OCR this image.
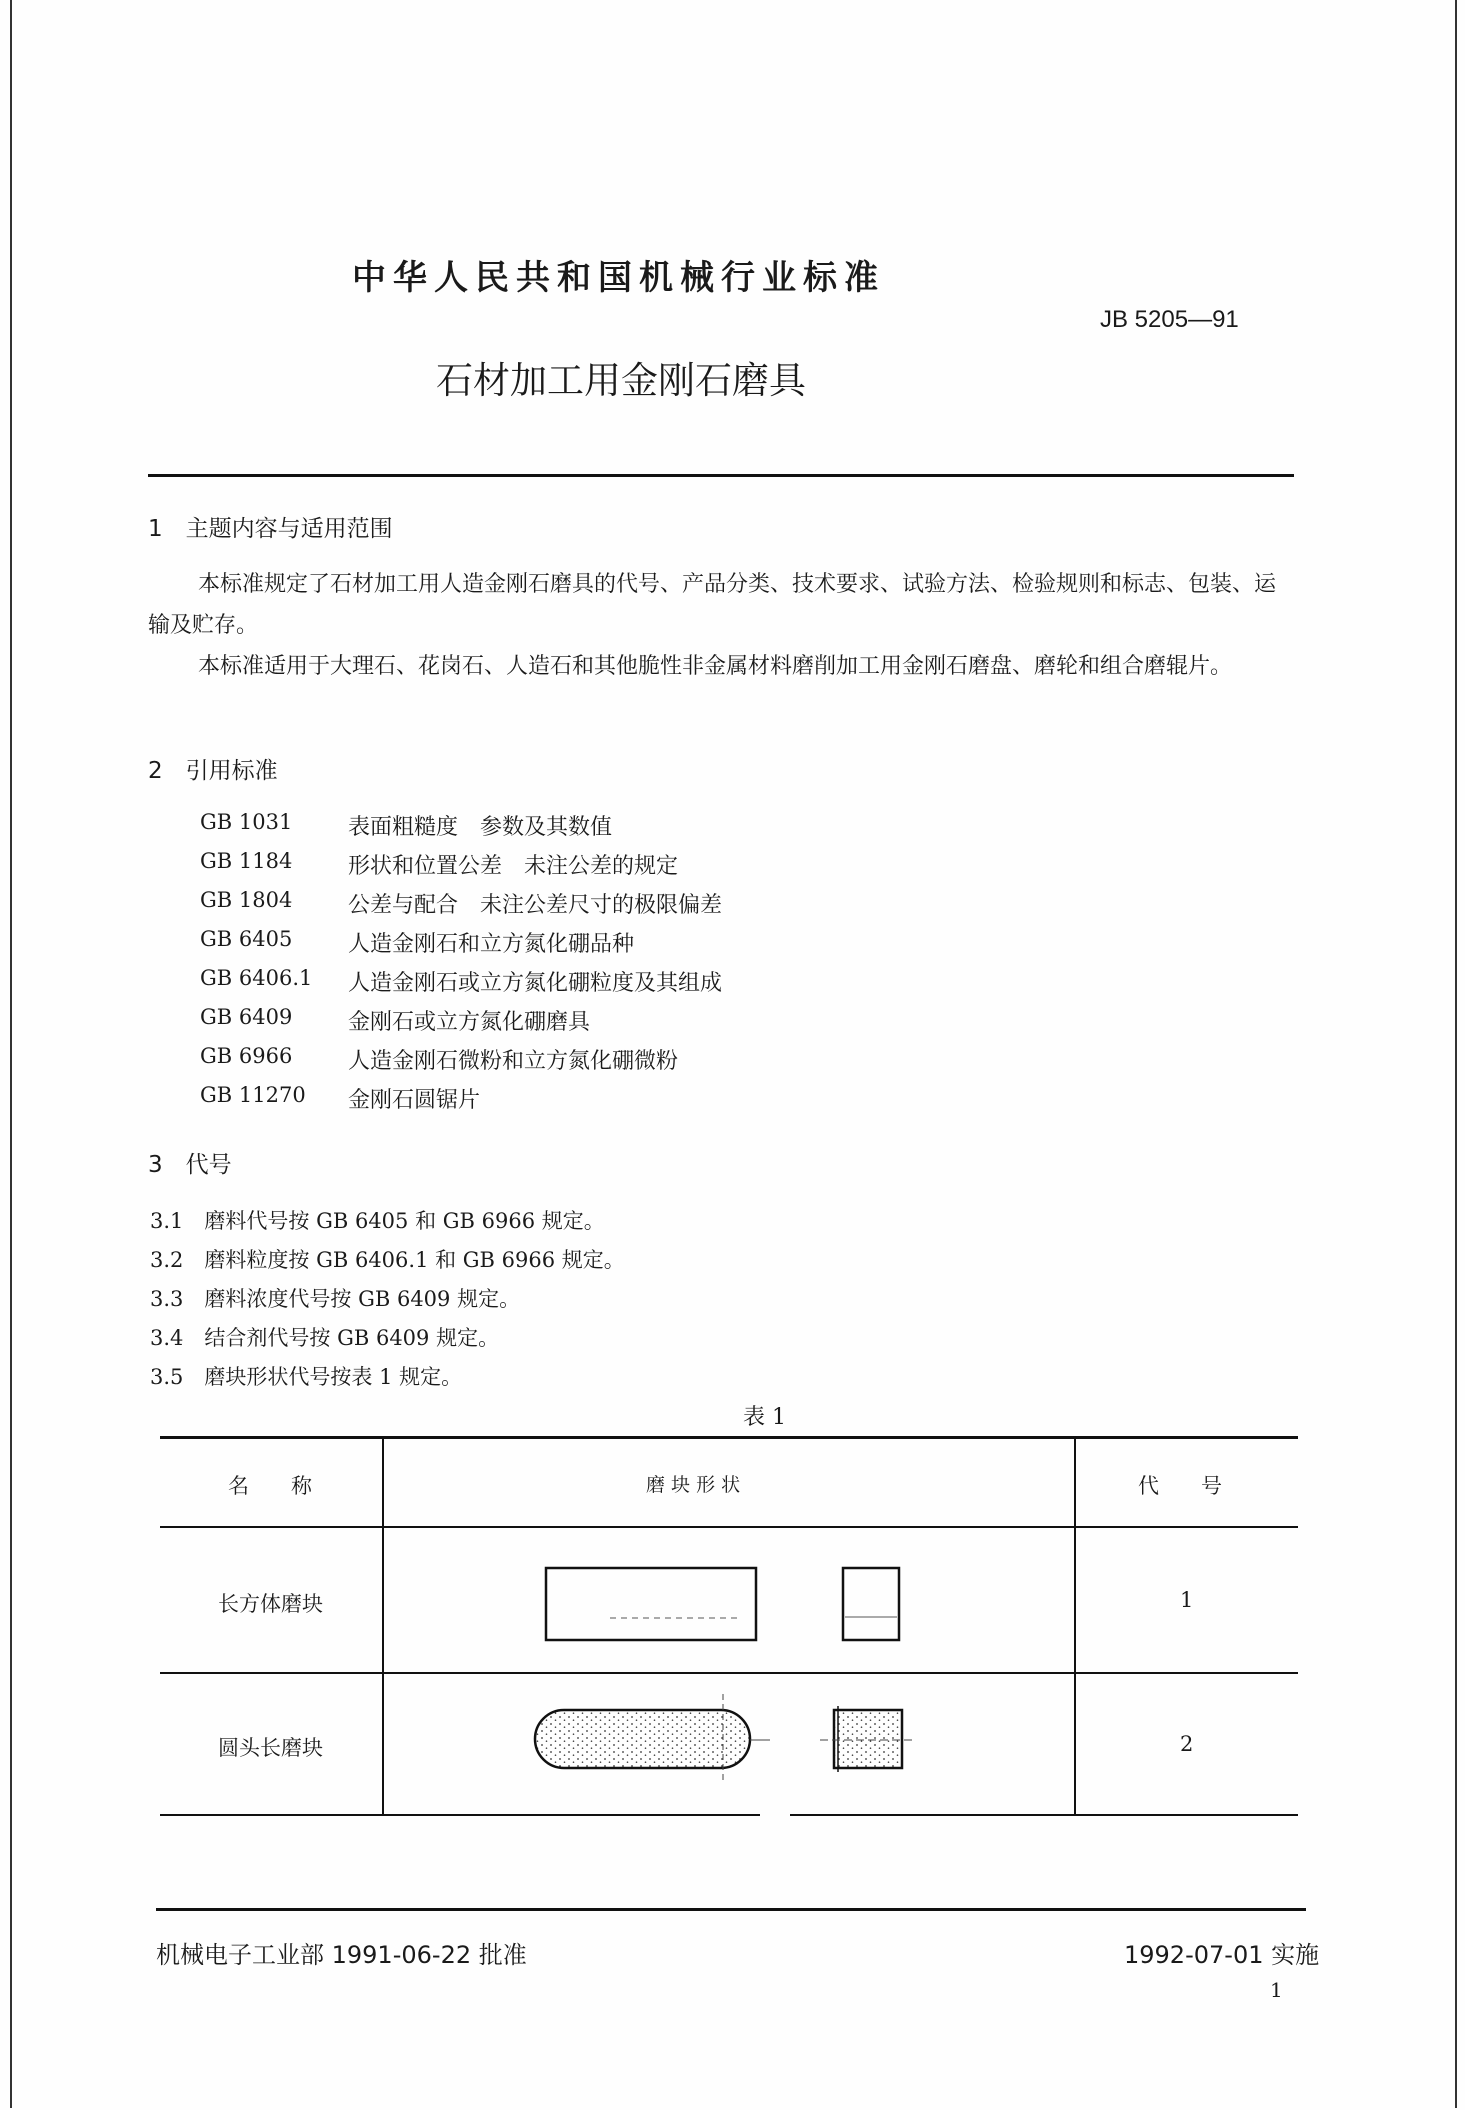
中华人民共和国机械行业标准
JB 5205—91
石材加工用金刚石磨具
1　主题内容与适用范围
本标准规定了石材加工用人造金刚石磨具的代号、产品分类、技术要求、试验方法、检验规则和标志、包装、运输及贮存。
本标准适用于大理石、花岗石、人造石和其他脆性非金属材料磨削加工用金刚石磨盘、磨轮和组合磨辊片。
2　引用标准
GB 1031	表面粗糙度　参数及其数值
GB 1184	形状和位置公差　未注公差的规定
GB 1804	公差与配合　未注公差尺寸的极限偏差
GB 6405	人造金刚石和立方氮化硼品种
GB 6406.1 人造金刚石或立方氮化硼粒度及其组成
GB 6409	金刚石或立方氮化硼磨具
GB 6966	人造金刚石微粉和立方氮化硼微粉
GB 11270 金刚石圆锯片
3　代号
3.1　磨料代号按 GB 6405 和 GB 6966 规定。
3.2　磨料粒度按 GB 6406.1 和 GB 6966 规定。
3.3　磨料浓度代号按 GB 6409 规定。
3.4　结合剂代号按 GB 6409 规定。
3.5　磨块形状代号按表 1 规定。
表 1
名　　称	磨 块 形 状	代　　号
长方体磨块	1
圆头长磨块	2
机械电子工业部 1991-06-22 批准	1992-07-01 实施
1
